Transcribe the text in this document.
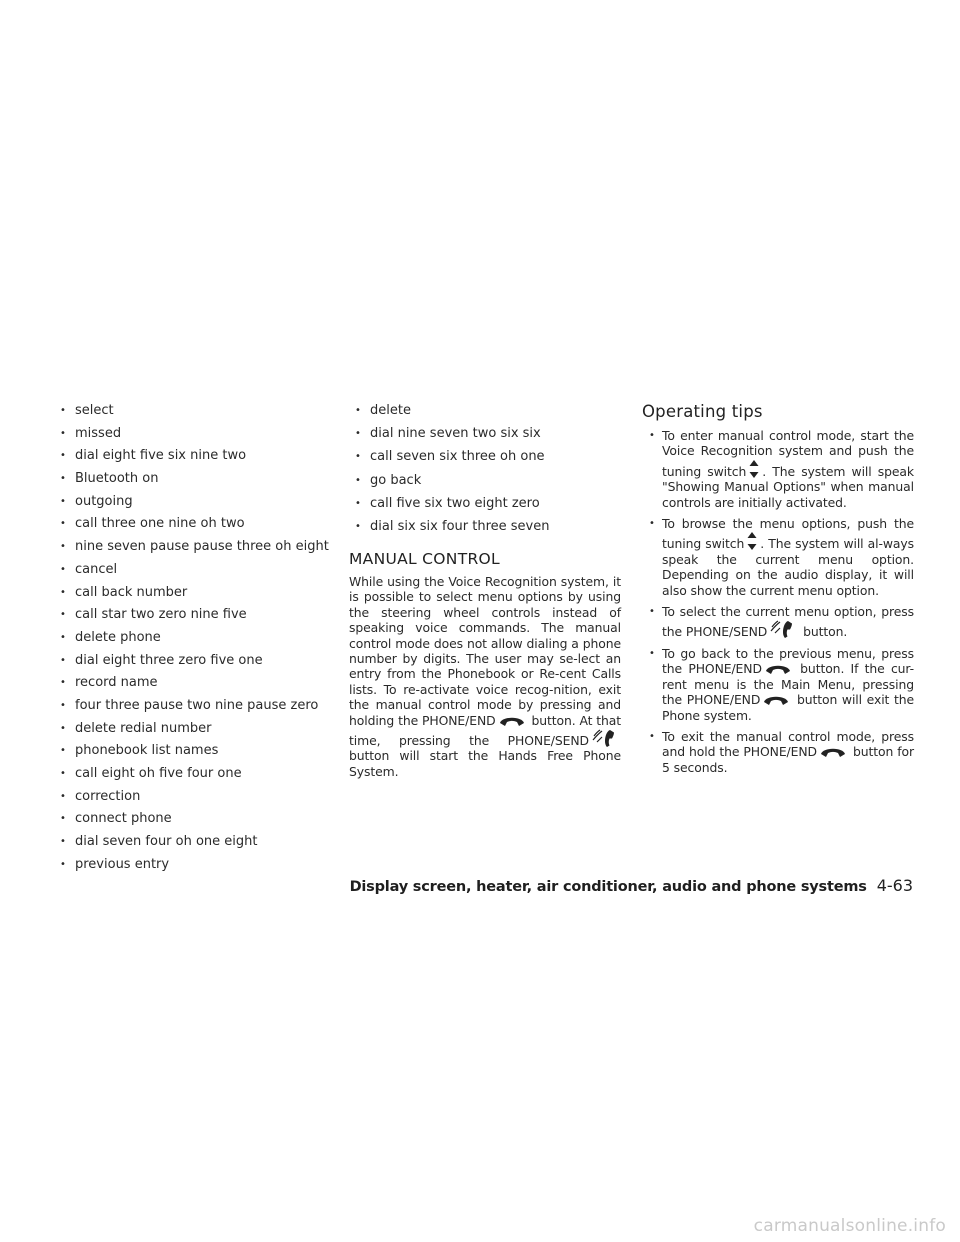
• select
• missed
• dial eight five six nine two
• Bluetooth on
• outgoing
• call three one nine oh two
• nine seven pause pause three oh eight
• cancel
• call back number
• call star two zero nine five
• delete phone
• dial eight three zero five one
• record name
• four three pause two nine pause zero
• delete redial number
• phonebook list names
• call eight oh five four one
• correction
• connect phone
• dial seven four oh one eight
• previous entry
• delete
• dial nine seven two six six
• call seven six three oh one
• go back
• call five six two eight zero
• dial six six four three seven
MANUAL CONTROL

While using the Voice Recognition system, it is possible to select menu options by using the steering wheel controls instead of speaking voice commands. The manual control mode does not allow dialing a phone number by digits. The user may se-lect an entry from the Phonebook or Re-cent Calls lists. To re-activate voice recog-nition, exit the manual control mode by pressing and holding the PHONE/END	button. At that time, pressing the PHONE/SEND button will start the Hands Free Phone System.

Operating tips
• To enter manual control mode, start the Voice Recognition system and push the tuning switch . The system will speak "Showing Manual Options" when manual controls are initially activated.
• To browse the menu options, push the tuning switch . The system will al-ways speak the current menu option. Depending on the audio display, it will also show the current menu option.
• To select the current menu option, press the PHONE/SEND	button.
• To go back to the previous menu, press the PHONE/END	button. If the cur-rent menu is the Main Menu, pressing the PHONE/END	button will exit the Phone system.
• To exit the manual control mode, press and hold the PHONE/END	button for 5 seconds.
Display screen, heater, air conditioner, audio and phone systems 4-63
carmanualsonline.info
